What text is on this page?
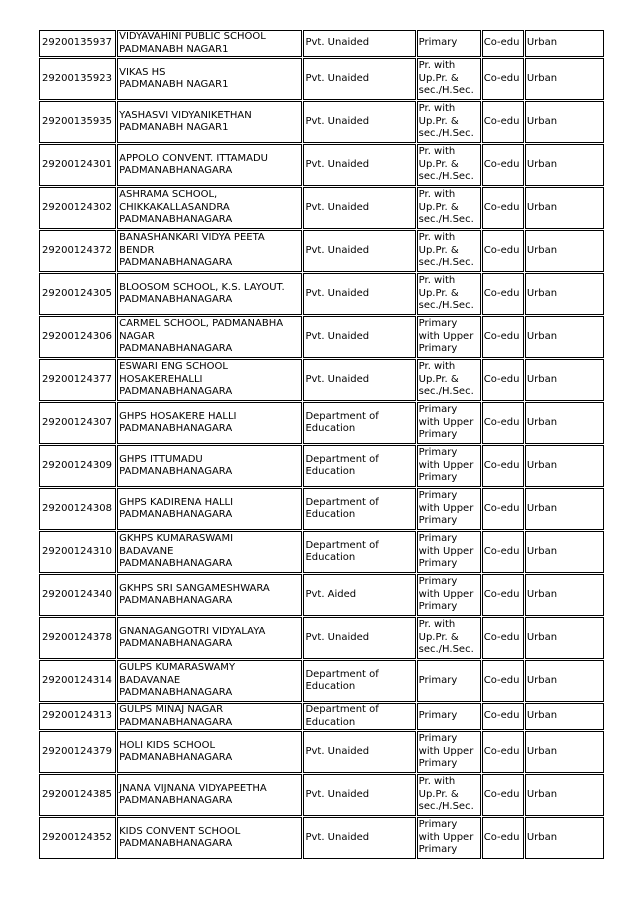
29200135937	VIDYAVAHINI PUBLIC SCHOOL
PADMANABH NAGAR1	Pvt. Unaided	Primary	Co-edu	Urban
29200135923	VIKAS HS
PADMANABH NAGAR1	Pvt. Unaided	Pr. with
Up.Pr. &
sec./H.Sec.	Co-edu	Urban
29200135935	YASHASVI VIDYANIKETHAN
PADMANABH NAGAR1	Pvt. Unaided	Pr. with
Up.Pr. &
sec./H.Sec.	Co-edu	Urban
29200124301	APPOLO CONVENT. ITTAMADU
PADMANABHANAGARA	Pvt. Unaided	Pr. with
Up.Pr. &
sec./H.Sec.	Co-edu	Urban
29200124302	ASHRAMA SCHOOL,
CHIKKAKALLASANDRA
PADMANABHANAGARA	Pvt. Unaided	Pr. with
Up.Pr. &
sec./H.Sec.	Co-edu	Urban
29200124372	BANASHANKARI VIDYA PEETA
BENDR
PADMANABHANAGARA	Pvt. Unaided	Pr. with
Up.Pr. &
sec./H.Sec.	Co-edu	Urban
29200124305	BLOOSOM SCHOOL, K.S. LAYOUT.
PADMANABHANAGARA	Pvt. Unaided	Pr. with
Up.Pr. &
sec./H.Sec.	Co-edu	Urban
29200124306	CARMEL SCHOOL, PADMANABHA
NAGAR
PADMANABHANAGARA	Pvt. Unaided	Primary
with Upper
Primary	Co-edu	Urban
29200124377	ESWARI ENG SCHOOL
HOSAKEREHALLI
PADMANABHANAGARA	Pvt. Unaided	Pr. with
Up.Pr. &
sec./H.Sec.	Co-edu	Urban
29200124307	GHPS HOSAKERE HALLI
PADMANABHANAGARA	Department of
Education	Primary
with Upper
Primary	Co-edu	Urban
29200124309	GHPS ITTUMADU
PADMANABHANAGARA	Department of
Education	Primary
with Upper
Primary	Co-edu	Urban
29200124308	GHPS KADIRENA HALLI
PADMANABHANAGARA	Department of
Education	Primary
with Upper
Primary	Co-edu	Urban
29200124310	GKHPS KUMARASWAMI
BADAVANE
PADMANABHANAGARA	Department of
Education	Primary
with Upper
Primary	Co-edu	Urban
29200124340	GKHPS SRI SANGAMESHWARA
PADMANABHANAGARA	Pvt. Aided	Primary
with Upper
Primary	Co-edu	Urban
29200124378	GNANAGANGOTRI VIDYALAYA
PADMANABHANAGARA	Pvt. Unaided	Pr. with
Up.Pr. &
sec./H.Sec.	Co-edu	Urban
29200124314	GULPS KUMARASWAMY
BADAVANAE
PADMANABHANAGARA	Department of
Education	Primary	Co-edu	Urban
29200124313	GULPS MINAJ NAGAR
PADMANABHANAGARA	Department of
Education	Primary	Co-edu	Urban
29200124379	HOLI KIDS SCHOOL
PADMANABHANAGARA	Pvt. Unaided	Primary
with Upper
Primary	Co-edu	Urban
29200124385	JNANA VIJNANA VIDYAPEETHA
PADMANABHANAGARA	Pvt. Unaided	Pr. with
Up.Pr. &
sec./H.Sec.	Co-edu	Urban
29200124352	KIDS CONVENT SCHOOL
PADMANABHANAGARA	Pvt. Unaided	Primary
with Upper
Primary	Co-edu	Urban
